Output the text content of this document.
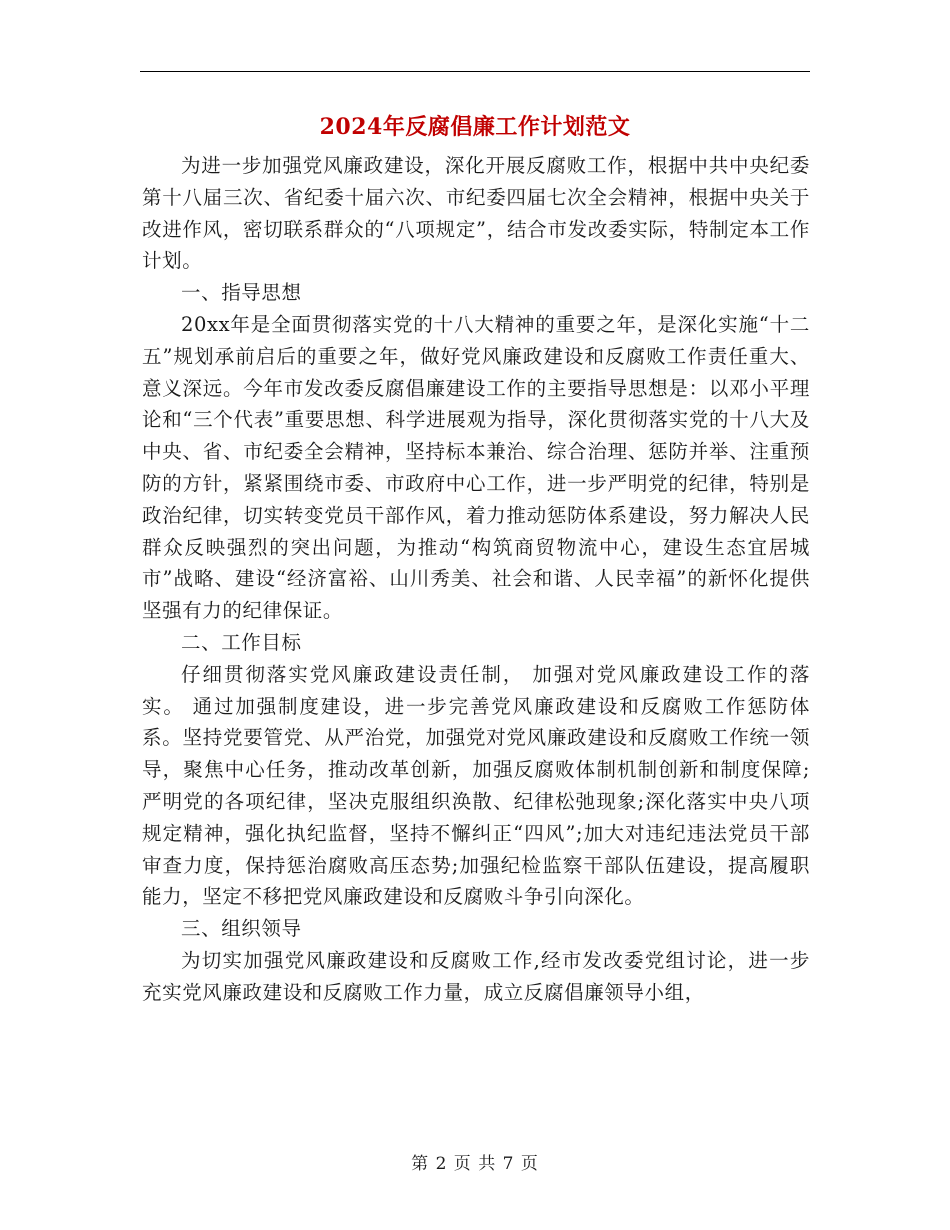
2024年反腐倡廉工作计划范文

为进一步加强党风廉政建设，深化开展反腐败工作，根据中共中央纪委第十八届三次、省纪委十届六次、市纪委四届七次全会精神，根据中央关于改进作风，密切联系群众的“八项规定”，结合市发改委实际，特制定本工作计划。

一、指导思想

20xx年是全面贯彻落实党的十八大精神的重要之年，是深化实施“十二五”规划承前启后的重要之年，做好党风廉政建设和反腐败工作责任重大、意义深远。今年市发改委反腐倡廉建设工作的主要指导思想是：以邓小平理论和“三个代表”重要思想、科学进展观为指导，深化贯彻落实党的十八大及中央、省、市纪委全会精神，坚持标本兼治、综合治理、惩防并举、注重预防的方针，紧紧围绕市委、市政府中心工作，进一步严明党的纪律，特别是政治纪律，切实转变党员干部作风，着力推动惩防体系建设，努力解决人民群众反映强烈的突出问题，为推动“构筑商贸物流中心，建设生态宜居城市”战略、建设“经济富裕、山川秀美、社会和谐、人民幸福”的新怀化提供坚强有力的纪律保证。

二、工作目标

仔细贯彻落实党风廉政建设责任制， 加强对党风廉政建设工作的落实。 通过加强制度建设，进一步完善党风廉政建设和反腐败工作惩防体系。坚持党要管党、从严治党，加强党对党风廉政建设和反腐败工作统一领导，聚焦中心任务，推动改革创新，加强反腐败体制机制创新和制度保障;严明党的各项纪律，坚决克服组织涣散、纪律松弛现象;深化落实中央八项规定精神，强化执纪监督，坚持不懈纠正“四风”;加大对违纪违法党员干部审查力度，保持惩治腐败高压态势;加强纪检监察干部队伍建设，提高履职能力，坚定不移把党风廉政建设和反腐败斗争引向深化。

三、组织领导

为切实加强党风廉政建设和反腐败工作,经市发改委党组讨论，进一步充实党风廉政建设和反腐败工作力量，成立反腐倡廉领导小组，

第 2 页 共 7 页
